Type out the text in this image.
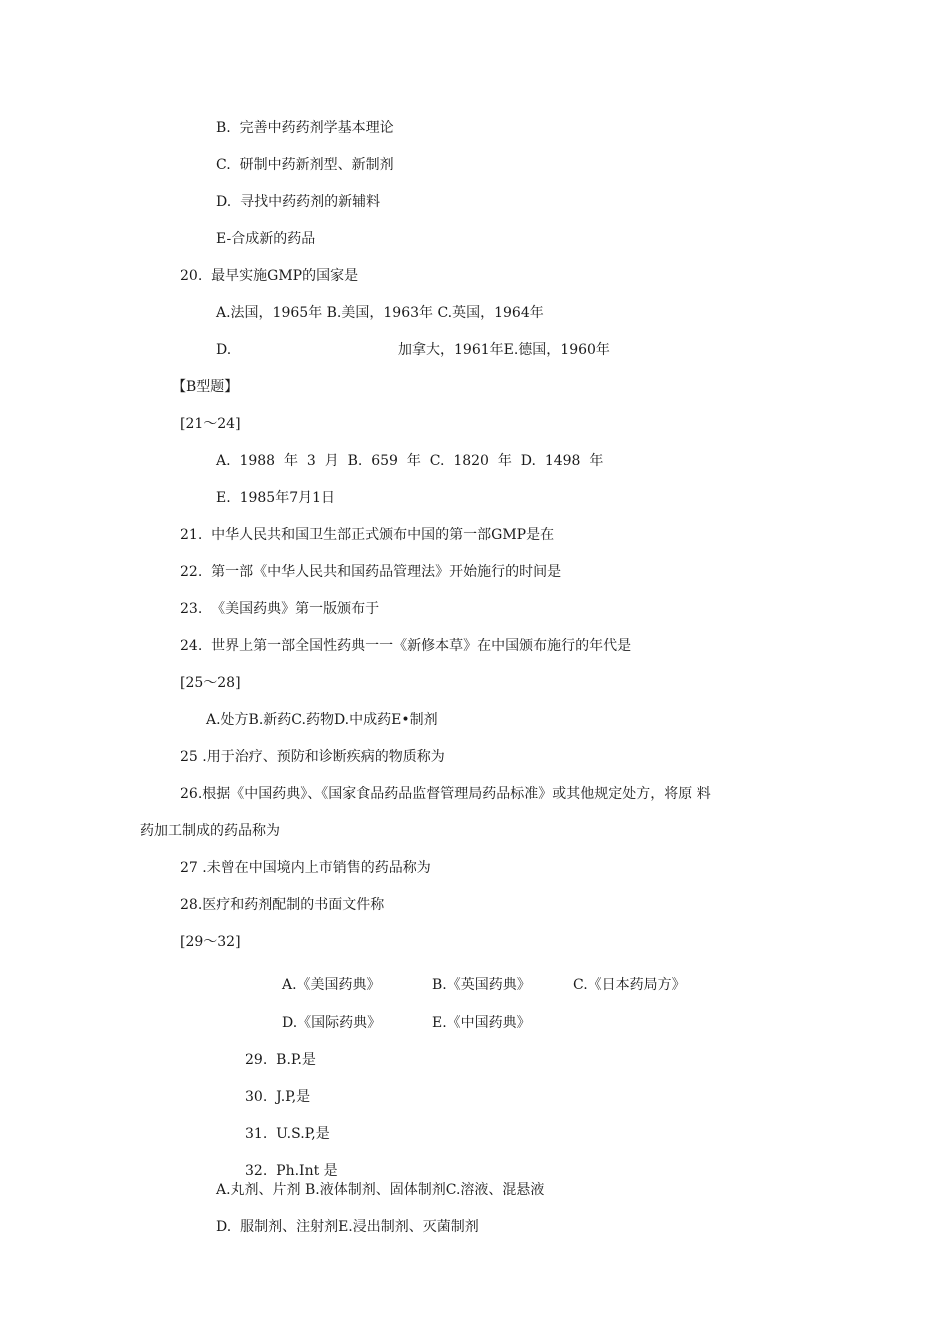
B.  完善中药药剂学基本理论
C.  研制中药新剂型、新制剂
D.  寻找中药药剂的新辅料
E-合成新的药品
20.  最早实施GMP的国家是
A.法国，1965年 B.美国，1963年 C.英国，1964年
D.	加拿大，1961年E.德国，1960年
【B型题】
[21〜24]
A.  1988  年  3  月  B.  659  年  C.  1820  年  D.  1498  年
E.  1985年7月1日
21.  中华人民共和国卫生部正式颁布中国的第一部GMP是在
22.  第一部《中华人民共和国药品管理法》开始施行的时间是
23.  《美国药典》第一版颁布于
24.  世界上第一部全国性药典一一《新修本草》在中国颁布施行的年代是
[25〜28]
A.处方B.新药C.药物D.中成药E•制剂
25 .用于治疗、预防和诊断疾病的物质称为
26.根据《中国药典》、《国家食品药品监督管理局药品标准》或其他规定处方，将原 料
药加工制成的药品称为
27 .未曾在中国境内上市销售的药品称为
28.医疗和药剂配制的书面文件称
[29〜32]
A.《美国药典》	B.《英国药典》	C.《日本药局方》
D.《国际药典》	E.《中国药典》
29.  B.P.是
30.  J.P,是
31.  U.S.P,是
32.  Ph.Int 是
A.丸剂、片剂 B.液体制剂、固体制剂C.溶液、混悬液
D.  服制剂、注射剂E.浸出制剂、灭菌制剂
